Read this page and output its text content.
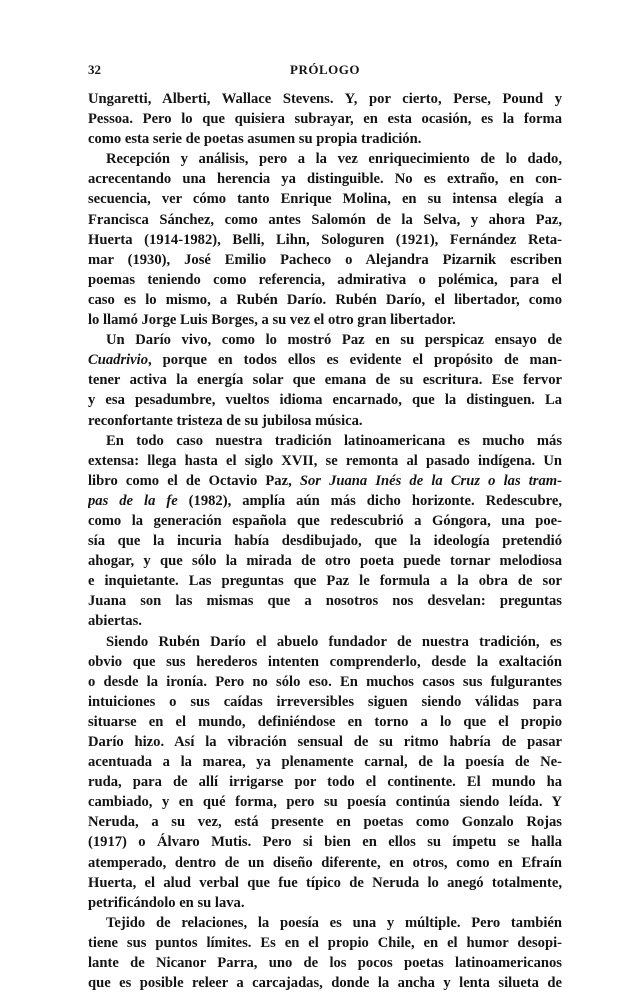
32	PRÓLOGO
Ungaretti, Alberti, Wallace Stevens. Y, por cierto, Perse, Pound y
Pessoa. Pero lo que quisiera subrayar, en esta ocasión, es la forma
como esta serie de poetas asumen su propia tradición.
Recepción y análisis, pero a la vez enriquecimiento de lo dado,
acrecentando una herencia ya distinguible. No es extraño, en con-
secuencia, ver cómo tanto Enrique Molina, en su intensa elegía a
Francisca Sánchez, como antes Salomón de la Selva, y ahora Paz,
Huerta (1914-1982), Belli, Lihn, Sologuren (1921), Fernández Reta-
mar (1930), José Emilio Pacheco o Alejandra Pizarnik escriben
poemas teniendo como referencia, admirativa o polémica, para el
caso es lo mismo, a Rubén Darío. Rubén Darío, el libertador, como
lo llamó Jorge Luis Borges, a su vez el otro gran libertador.
Un Darío vivo, como lo mostró Paz en su perspicaz ensayo de
Cuadrivio, porque en todos ellos es evidente el propósito de man-
tener activa la energía solar que emana de su escritura. Ese fervor
y esa pesadumbre, vueltos idioma encarnado, que la distinguen. La
reconfortante tristeza de su jubilosa música.
En todo caso nuestra tradición latinoamericana es mucho más
extensa: llega hasta el siglo XVII, se remonta al pasado indígena. Un
libro como el de Octavio Paz, Sor Juana Inés de la Cruz o las tram-
pas de la fe (1982), amplía aún más dicho horizonte. Redescubre,
como la generación española que redescubrió a Góngora, una poe-
sía que la incuria había desdibujado, que la ideología pretendió
ahogar, y que sólo la mirada de otro poeta puede tornar melodiosa
e inquietante. Las preguntas que Paz le formula a la obra de sor
Juana son las mismas que a nosotros nos desvelan: preguntas
abiertas.
Siendo Rubén Darío el abuelo fundador de nuestra tradición, es
obvio que sus herederos intenten comprenderlo, desde la exaltación
o desde la ironía. Pero no sólo eso. En muchos casos sus fulgurantes
intuiciones o sus caídas irreversibles siguen siendo válidas para
situarse en el mundo, definiéndose en torno a lo que el propio
Darío hizo. Así la vibración sensual de su ritmo habría de pasar
acentuada a la marea, ya plenamente carnal, de la poesía de Ne-
ruda, para de allí irrigarse por todo el continente. El mundo ha
cambiado, y en qué forma, pero su poesía continúa siendo leída. Y
Neruda, a su vez, está presente en poetas como Gonzalo Rojas
(1917) o Álvaro Mutis. Pero si bien en ellos su ímpetu se halla
atemperado, dentro de un diseño diferente, en otros, como en Efraín
Huerta, el alud verbal que fue típico de Neruda lo anegó totalmente,
petrificándolo en su lava.
Tejido de relaciones, la poesía es una y múltiple. Pero también
tiene sus puntos límites. Es en el propio Chile, en el humor desopi-
lante de Nicanor Parra, uno de los pocos poetas latinoamericanos
que es posible releer a carcajadas, donde la ancha y lenta silueta de
